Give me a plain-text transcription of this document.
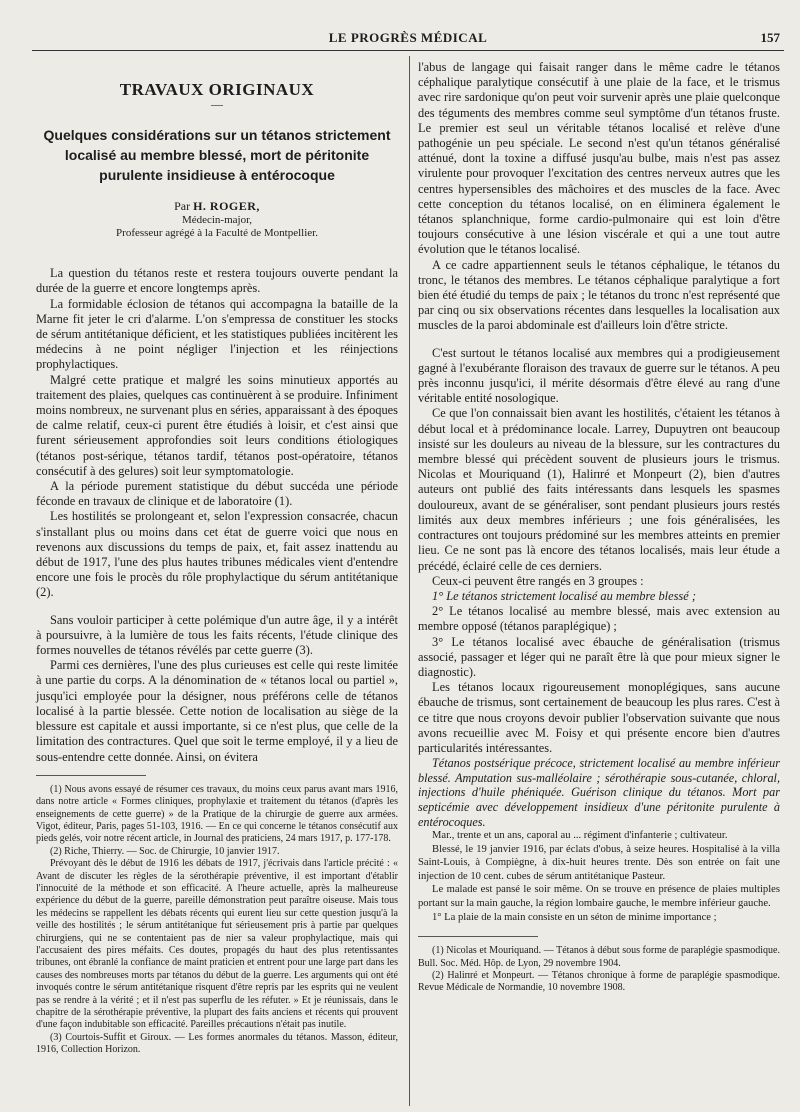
LE PROGRÈS MÉDICAL	157
TRAVAUX ORIGINAUX
—
Quelques considérations sur un tétanos strictement localisé au membre blessé, mort de péritonite purulente insidieuse à entérocoque
Par H. ROGER,
Médecin-major,
Professeur agrégé à la Faculté de Montpellier.

La question du tétanos reste et restera toujours ouverte pendant la durée de la guerre et encore longtemps après.

La formidable éclosion de tétanos qui accompagna la bataille de la Marne fit jeter le cri d'alarme. L'on s'empressa de constituer les stocks de sérum antitétanique déficient, et les statistiques publiées incitèrent les médecins à ne point négliger l'injection et les réinjections prophylactiques.

Malgré cette pratique et malgré les soins minutieux apportés au traitement des plaies, quelques cas continuèrent à se produire. Infiniment moins nombreux, ne survenant plus en séries, apparaissant à des époques de calme relatif, ceux-ci purent être étudiés à loisir, et c'est ainsi que furent sérieusement approfondies soit leurs conditions étiologiques (tétanos post-sérique, tétanos tardif, tétanos post-opératoire, tétanos consécutif à des gelures) soit leur symptomatologie.

A la période purement statistique du début succéda une période féconde en travaux de clinique et de laboratoire (1).

Les hostilités se prolongeant et, selon l'expression consacrée, chacun s'installant plus ou moins dans cet état de guerre voici que nous en revenons aux discussions du temps de paix, et, fait assez inattendu au début de 1917, l'une des plus hautes tribunes médicales vient d'entendre encore une fois le procès du rôle prophylactique du sérum antitétanique (2).

Sans vouloir participer à cette polémique d'un autre âge, il y a intérêt à poursuivre, à la lumière de tous les faits récents, l'étude clinique des formes nouvelles de tétanos révélés par cette guerre (3).

Parmi ces dernières, l'une des plus curieuses est celle qui reste limitée à une partie du corps. A la dénomination de « tétanos local ou partiel », jusqu'ici employée pour la désigner, nous préférons celle de tétanos localisé à la partie blessée. Cette notion de localisation au siège de la blessure est capitale et aussi importante, si ce n'est plus, que celle de la limitation des contractures. Quel que soit le terme employé, il y a lieu de sous-entendre cette donnée. Ainsi, on évitera

(1) Nous avons essayé de résumer ces travaux, du moins ceux parus avant mars 1916, dans notre article « Formes cliniques, prophylaxie et traitement du tétanos (d'après les enseignements de cette guerre) » de la Pratique de la chirurgie de guerre aux armées. Vigot, éditeur, Paris, pages 51-103, 1916. — En ce qui concerne le tétanos consécutif aux pieds gelés, voir notre récent article, in Journal des praticiens, 24 mars 1917, p. 177-178.

(2) Riche, Thierry. — Soc. de Chirurgie, 10 janvier 1917.

Prévoyant dès le début de 1916 les débats de 1917, j'écrivais dans l'article précité : « Avant de discuter les règles de la sérothérapie préventive, il est important d'établir l'innocuité de la méthode et son efficacité. A l'heure actuelle, après la malheureuse expérience du début de la guerre, pareille démonstration peut paraître oiseuse. Mais tous les médecins se rappellent les débats récents qui eurent lieu sur cette question jusqu'à la veille des hostilités ; le sérum antitétanique fut sérieusement pris à partie par quelques chirurgiens, qui ne se contentaient pas de nier sa valeur prophylactique, mais qui l'accusaient des pires méfaits. Ces doutes, propagés du haut des plus retentissantes tribunes, ont ébranlé la confiance de maint praticien et entrent pour une large part dans les causes des nombreuses morts par tétanos du début de la guerre. Les arguments qui ont été invoqués contre le sérum antitétanique risquent d'être repris par les esprits qui ne veulent pas se rendre à la vérité ; et il n'est pas superflu de les réfuter. » Et je réunissais, dans le chapitre de la sérothérapie préventive, la plupart des faits anciens et récents qui prouvent d'une façon indubitable son efficacité. Pareilles précautions n'était pas inutile.

(3) Courtois-Suffit et Giroux. — Les formes anormales du tétanos. Masson, éditeur, 1916, Collection Horizon.

l'abus de langage qui faisait ranger dans le même cadre le tétanos céphalique paralytique consécutif à une plaie de la face, et le trismus avec rire sardonique qu'on peut voir survenir après une plaie quelconque des téguments des membres comme seul symptôme d'un tétanos fruste. Le premier est seul un véritable tétanos localisé et relève d'une pathogénie un peu spéciale. Le second n'est qu'un tétanos généralisé atténué, dont la toxine a diffusé jusqu'au bulbe, mais n'est pas assez virulente pour provoquer l'excitation des centres nerveux autres que les centres hypersensibles des mâchoires et des muscles de la face. Avec cette conception du tétanos localisé, on en éliminera également le tétanos splanchnique, forme cardio-pulmonaire qui est loin d'être toujours consécutive à une lésion viscérale et qui a une tout autre évolution que le tétanos localisé.

A ce cadre appartiennent seuls le tétanos céphalique, le tétanos du tronc, le tétanos des membres. Le tétanos céphalique paralytique a fort bien été étudié du temps de paix ; le tétanos du tronc n'est représenté que par cinq ou six observations récentes dans lesquelles la localisation aux muscles de la paroi abdominale est d'ailleurs loin d'être stricte.

C'est surtout le tétanos localisé aux membres qui a prodigieusement gagné à l'exubérante floraison des travaux de guerre sur le tétanos. A peu près inconnu jusqu'ici, il mérite désormais d'être élevé au rang d'une véritable entité nosologique.

Ce que l'on connaissait bien avant les hostilités, c'étaient les tétanos à début local et à prédominance locale. Larrey, Dupuytren ont beaucoup insisté sur les douleurs au niveau de la blessure, sur les contractures du membre blessé qui précèdent souvent de plusieurs jours le trismus. Nicolas et Mouriquand (1), Haliпré et Monpeurt (2), bien d'autres auteurs ont publié des faits intéressants dans lesquels les spasmes douloureux, avant de se généraliser, sont pendant plusieurs jours restés limités aux deux membres inférieurs ; une fois généralisées, les contractures ont toujours prédominé sur les membres atteints en premier lieu. Ce ne sont pas là encore des tétanos localisés, mais leur étude a précédé, éclairé celle de ces derniers.

Ceux-ci peuvent être rangés en 3 groupes :

1° Le tétanos strictement localisé au membre blessé ;

2° Le tétanos localisé au membre blessé, mais avec extension au membre opposé (tétanos paraplégique) ;

3° Le tétanos localisé avec ébauche de généralisation (trismus associé, passager et léger qui ne paraît être là que pour mieux signer le diagnostic).

Les tétanos locaux rigoureusement monoplégiques, sans aucune ébauche de trismus, sont certainement de beaucoup les plus rares. C'est à ce titre que nous croyons devoir publier l'observation suivante que nous avons recueillie avec M. Foisy et qui présente encore bien d'autres particularités intéressantes.

Tétanos postsérique précoce, strictement localisé au membre inférieur blessé. Amputation sus-malléolaire ; sérothérapie sous-cutanée, chloral, injections d'huile phéniquée. Guérison clinique du tétanos. Mort par septicémie avec développement insidieux d'une péritonite purulente à entérocoques.

Mar., trente et un ans, caporal au ... régiment d'infanterie ; cultivateur.

Blessé, le 19 janvier 1916, par éclats d'obus, à seize heures. Hospitalisé à la villa Saint-Louis, à Compiègne, à dix-huit heures trente. Dès son entrée on fait une injection de 10 cent. cubes de sérum antitétanique Pasteur.

Le malade est pansé le soir même. On se trouve en présence de plaies multiples portant sur la main gauche, la région lombaire gauche, le membre inférieur gauche.

1° La plaie de la main consiste en un séton de minime importance ;

(1) Nicolas et Mouriquand. — Tétanos à début sous forme de paraplégie spasmodique. Bull. Soc. Méd. Hôp. de Lyon, 29 novembre 1904.

(2) Haliпré et Monpeurt. — Tétanos chronique à forme de paraplégie spasmodique. Revue Médicale de Normandie, 10 novembre 1908.
